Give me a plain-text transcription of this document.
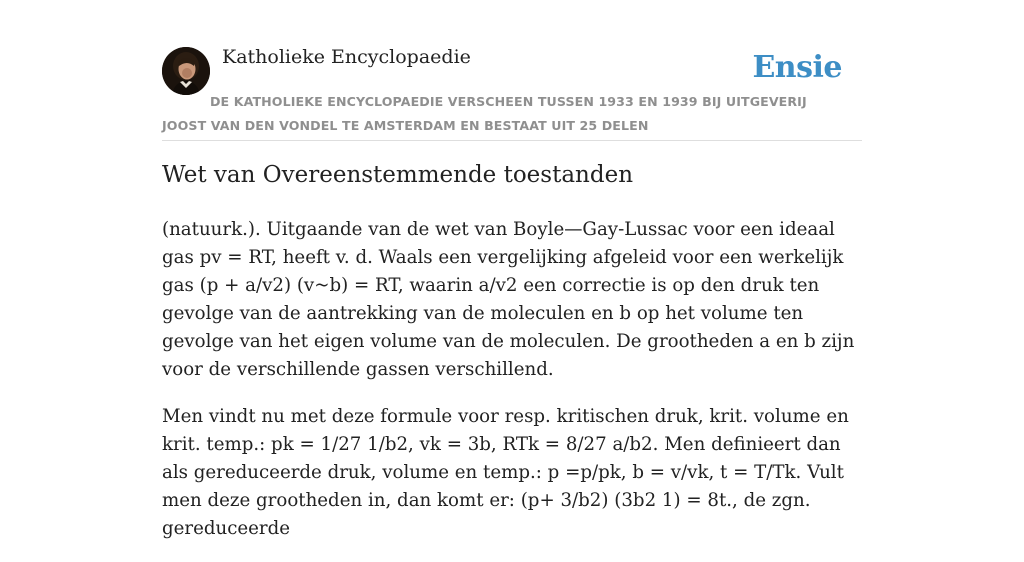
Katholieke Encyclopaedie	Ensie
DE KATHOLIEKE ENCYCLOPAEDIE VERSCHEEN TUSSEN 1933 EN 1939 BIJ UITGEVERIJ JOOST VAN DEN VONDEL TE AMSTERDAM EN BESTAAT UIT 25 DELEN
Wet van Overeenstemmende toestanden

(natuurk.). Uitgaande van de wet van Boyle—Gay-Lussac voor een ideaal gas pv = RT, heeft v. d. Waals een vergelijking afgeleid voor een werkelijk gas (p + a/v2) (v~b) = RT, waarin a/v2 een correctie is op den druk ten gevolge van de aantrekking van de moleculen en b op het volume ten gevolge van het eigen volume van de moleculen. De grootheden a en b zijn voor de verschillende gassen verschillend.

Men vindt nu met deze formule voor resp. kritischen druk, krit. volume en krit. temp.: pk = 1/27 1/b2, vk = 3b, RTk = 8/27 a/b2. Men definieert dan als gereduceerde druk, volume en temp.: p =p/pk, b = v/vk, t = T/Tk. Vult men deze grootheden in, dan komt er: (p+ 3/b2) (3b2 1) = 8t., de zgn. gereduceerde
